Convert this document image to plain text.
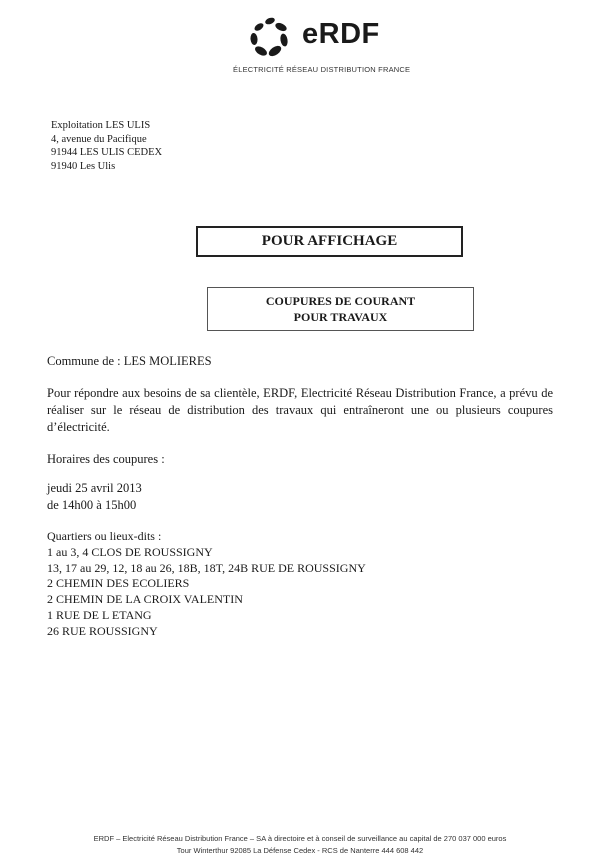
eRDF
ÉLECTRICITÉ RÉSEAU DISTRIBUTION FRANCE
Exploitation LES ULIS
4, avenue du Pacifique
91944 LES ULIS CEDEX
91940 Les Ulis
POUR AFFICHAGE
COUPURES DE COURANT
POUR TRAVAUX
Commune de : LES MOLIERES
Pour répondre aux besoins de sa clientèle, ERDF, Electricité Réseau Distribution France, a prévu de réaliser sur le réseau de distribution des travaux qui entraîneront une ou plusieurs coupures d’électricité.
Horaires des coupures :
jeudi 25 avril 2013
de 14h00 à 15h00
Quartiers ou lieux-dits :
1 au 3, 4 CLOS DE ROUSSIGNY
13, 17 au 29, 12, 18 au 26, 18B, 18T, 24B RUE DE ROUSSIGNY
2 CHEMIN DES ECOLIERS
2 CHEMIN DE LA CROIX VALENTIN
1 RUE DE L ETANG
26 RUE ROUSSIGNY
ERDF – Electricité Réseau Distribution France – SA à directoire et à conseil de surveillance au capital de 270 037 000 euros
Tour Winterthur 92085 La Défense Cedex - RCS de Nanterre 444 608 442
